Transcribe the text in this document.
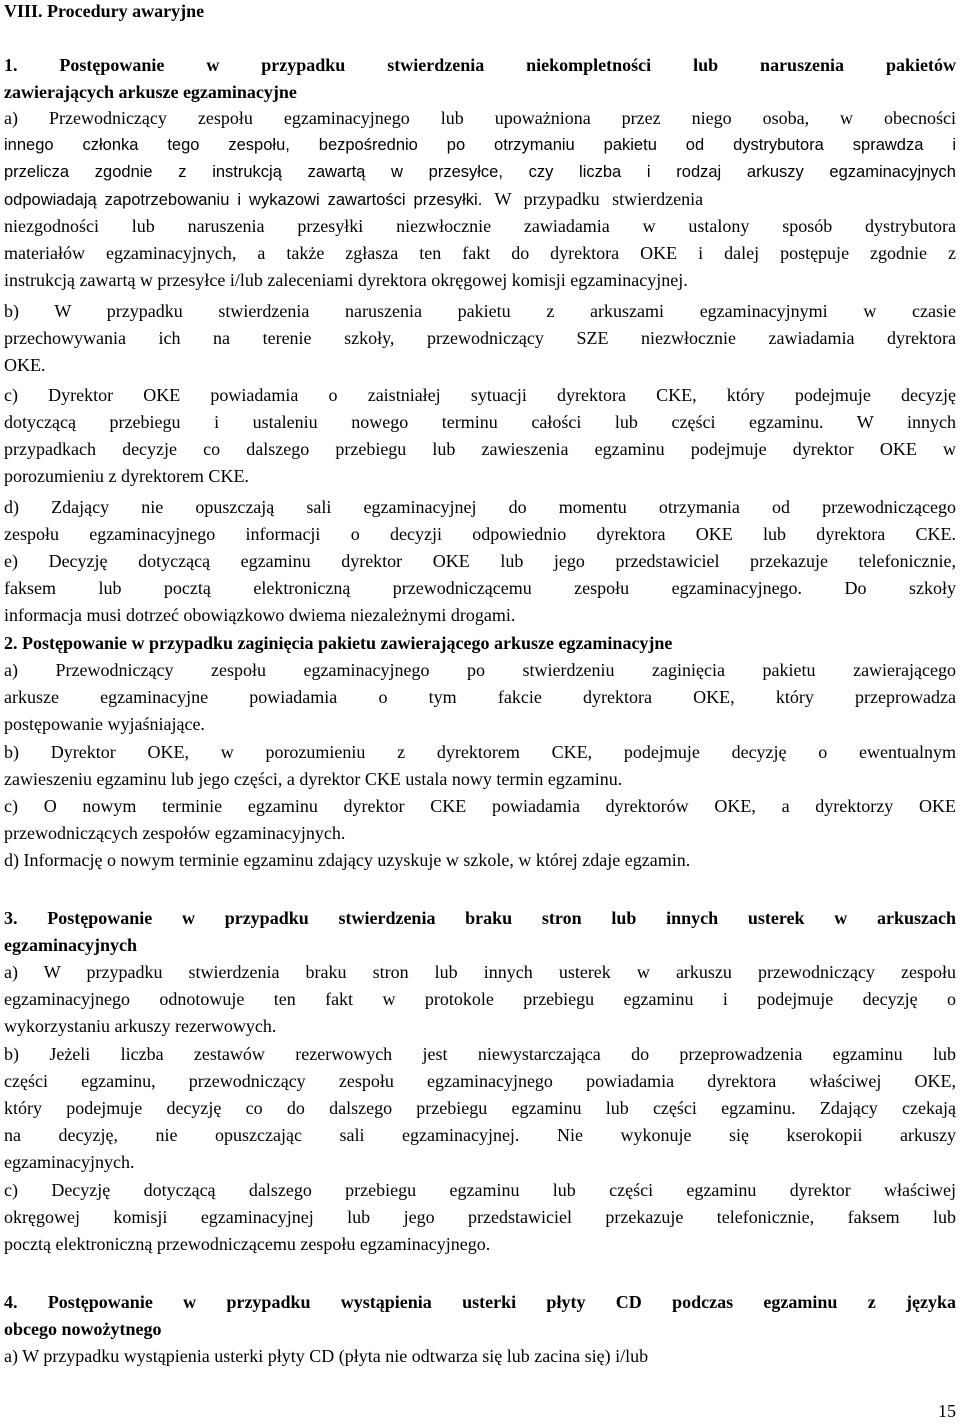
VIII. Procedury awaryjne
1. Postępowanie w przypadku stwierdzenia niekompletności lub naruszenia pakietów
zawierających arkusze egzaminacyjne
a) Przewodniczący zespołu egzaminacyjnego lub upoważniona przez niego osoba, w obecności
innego członka tego zespołu, bezpośrednio po otrzymaniu pakietu od dystrybutora sprawdza i
przelicza zgodnie z instrukcją zawartą w przesyłce, czy liczba i rodzaj arkuszy egzaminacyjnych
odpowiadają zapotrzebowaniu i wykazowi zawartości przesyłki. W przypadku stwierdzenia
niezgodności lub naruszenia przesyłki niezwłocznie zawiadamia w ustalony sposób dystrybutora
materiałów egzaminacyjnych, a także zgłasza ten fakt do dyrektora OKE i dalej postępuje zgodnie z
instrukcją zawartą w przesyłce i/lub zaleceniami dyrektora okręgowej komisji egzaminacyjnej.
b) W przypadku stwierdzenia naruszenia pakietu z arkuszami egzaminacyjnymi w czasie
przechowywania ich na terenie szkoły, przewodniczący SZE niezwłocznie zawiadamia dyrektora
OKE.
c) Dyrektor OKE powiadamia o zaistniałej sytuacji dyrektora CKE, który podejmuje decyzję
dotyczącą przebiegu i ustaleniu nowego terminu całości lub części egzaminu. W innych
przypadkach decyzje co dalszego przebiegu lub zawieszenia egzaminu podejmuje dyrektor OKE w
porozumieniu z dyrektorem CKE.
d) Zdający nie opuszczają sali egzaminacyjnej do momentu otrzymania od przewodniczącego
zespołu egzaminacyjnego informacji o decyzji odpowiednio dyrektora OKE lub dyrektora CKE.
e) Decyzję dotyczącą egzaminu dyrektor OKE lub jego przedstawiciel przekazuje telefonicznie,
faksem lub pocztą elektroniczną przewodniczącemu zespołu egzaminacyjnego. Do szkoły
informacja musi dotrzeć obowiązkowo dwiema niezależnymi drogami.
2. Postępowanie w przypadku zaginięcia pakietu zawierającego arkusze egzaminacyjne
a) Przewodniczący zespołu egzaminacyjnego po stwierdzeniu zaginięcia pakietu zawierającego
arkusze egzaminacyjne powiadamia o tym fakcie dyrektora OKE, który przeprowadza
postępowanie wyjaśniające.
b) Dyrektor OKE, w porozumieniu z dyrektorem CKE, podejmuje decyzję o ewentualnym
zawieszeniu egzaminu lub jego części, a dyrektor CKE ustala nowy termin egzaminu.
c) O nowym terminie egzaminu dyrektor CKE powiadamia dyrektorów OKE, a dyrektorzy OKE
przewodniczących zespołów egzaminacyjnych.
d) Informację o nowym terminie egzaminu zdający uzyskuje w szkole, w której zdaje egzamin.
3. Postępowanie w przypadku stwierdzenia braku stron lub innych usterek w arkuszach
egzaminacyjnych
a) W przypadku stwierdzenia braku stron lub innych usterek w arkuszu przewodniczący zespołu
egzaminacyjnego odnotowuje ten fakt w protokole przebiegu egzaminu i podejmuje decyzję o
wykorzystaniu arkuszy rezerwowych.
b) Jeżeli liczba zestawów rezerwowych jest niewystarczająca do przeprowadzenia egzaminu lub
części egzaminu, przewodniczący zespołu egzaminacyjnego powiadamia dyrektora właściwej OKE,
który podejmuje decyzję co do dalszego przebiegu egzaminu lub części egzaminu. Zdający czekają
na decyzję, nie opuszczając sali egzaminacyjnej. Nie wykonuje się kserokopii arkuszy
egzaminacyjnych.
c) Decyzję dotyczącą dalszego przebiegu egzaminu lub części egzaminu dyrektor właściwej
okręgowej komisji egzaminacyjnej lub jego przedstawiciel przekazuje telefonicznie, faksem lub
pocztą elektroniczną przewodniczącemu zespołu egzaminacyjnego.
4. Postępowanie w przypadku wystąpienia usterki płyty CD podczas egzaminu z języka
obcego nowożytnego
a) W przypadku wystąpienia usterki płyty CD (płyta nie odtwarza się lub zacina się) i/lub
15
